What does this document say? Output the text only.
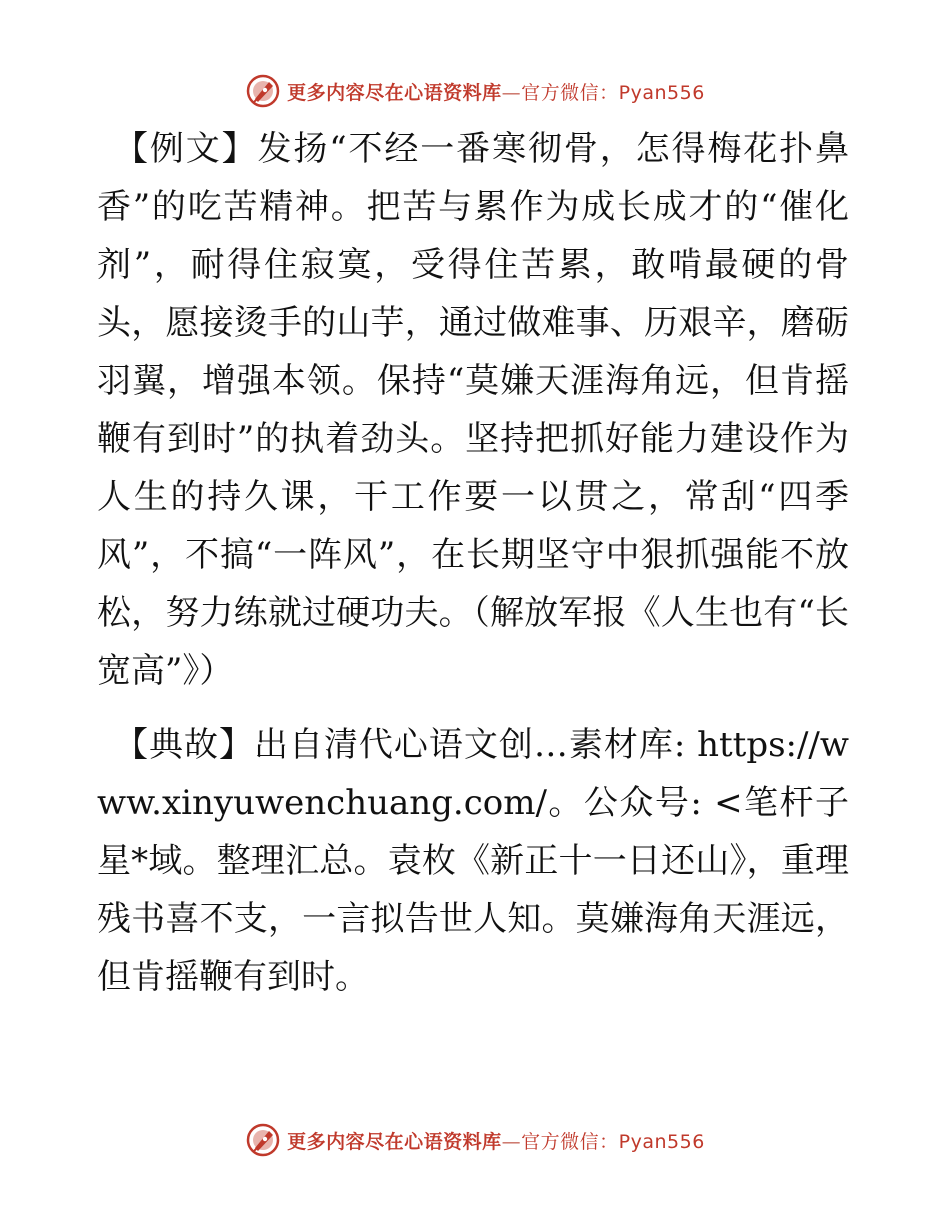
更多内容尽在心语资料库—官方微信：Pyan556

【例文】发扬“不经一番寒彻骨，怎得梅花扑鼻香”的吃苦精神。把苦与累作为成长成才的“催化剂”，耐得住寂寞，受得住苦累，敢啃最硬的骨头，愿接烫手的山芋，通过做难事、历艰辛，磨砺羽翼，增强本领。保持“莫嫌天涯海角远，但肯摇鞭有到时”的执着劲头。坚持把抓好能力建设作为人生的持久课，干工作要一以贯之，常刮“四季风”，不搞“一阵风”，在长期坚守中狠抓强能不放松，努力练就过硬功夫。（解放军报《人生也有“长宽高”》）

【典故】出自清代心语文创…素材库: https://www.xinyuwenchuang.com/。公众号: <笔杆子星*域。整理汇总。袁枚《新正十一日还山》，重理残书喜不支，一言拟告世人知。莫嫌海角天涯远，但肯摇鞭有到时。

更多内容尽在心语资料库—官方微信：Pyan556
